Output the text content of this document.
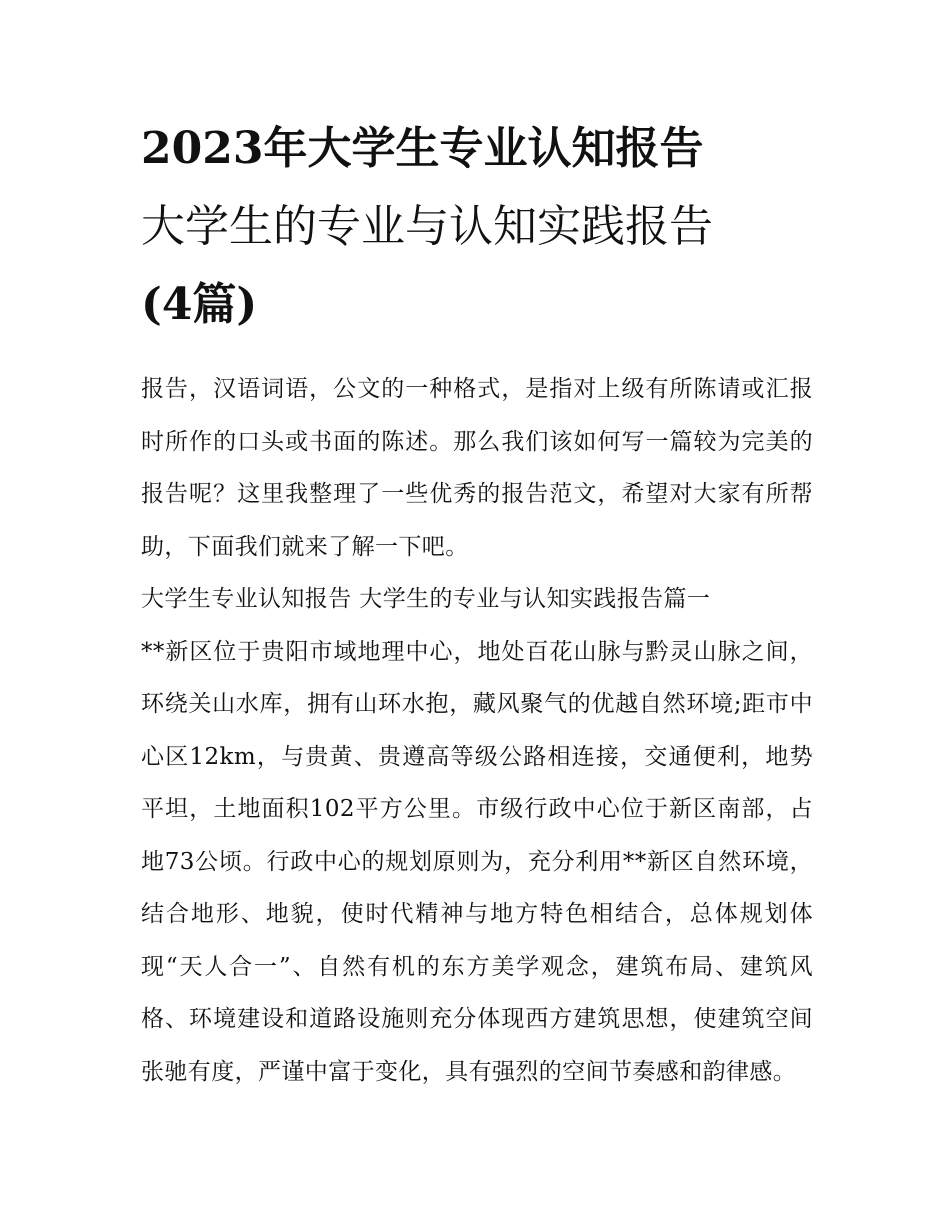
2023年大学生专业认知报告
大学生的专业与认知实践报告
(4篇)

报告，汉语词语，公文的一种格式，是指对上级有所陈请或汇报时所作的口头或书面的陈述。那么我们该如何写一篇较为完美的报告呢？这里我整理了一些优秀的报告范文，希望对大家有所帮助，下面我们就来了解一下吧。

大学生专业认知报告 大学生的专业与认知实践报告篇一

**新区位于贵阳市域地理中心，地处百花山脉与黔灵山脉之间，环绕关山水库，拥有山环水抱，藏风聚气的优越自然环境;距市中心区12km，与贵黄、贵遵高等级公路相连接，交通便利，地势平坦，土地面积102平方公里。市级行政中心位于新区南部，占地73公顷。行政中心的规划原则为，充分利用**新区自然环境，结合地形、地貌，使时代精神与地方特色相结合，总体规划体现“天人合一”、自然有机的东方美学观念，建筑布局、建筑风格、环境建设和道路设施则充分体现西方建筑思想，使建筑空间张驰有度，严谨中富于变化，具有强烈的空间节奏感和韵律感。
